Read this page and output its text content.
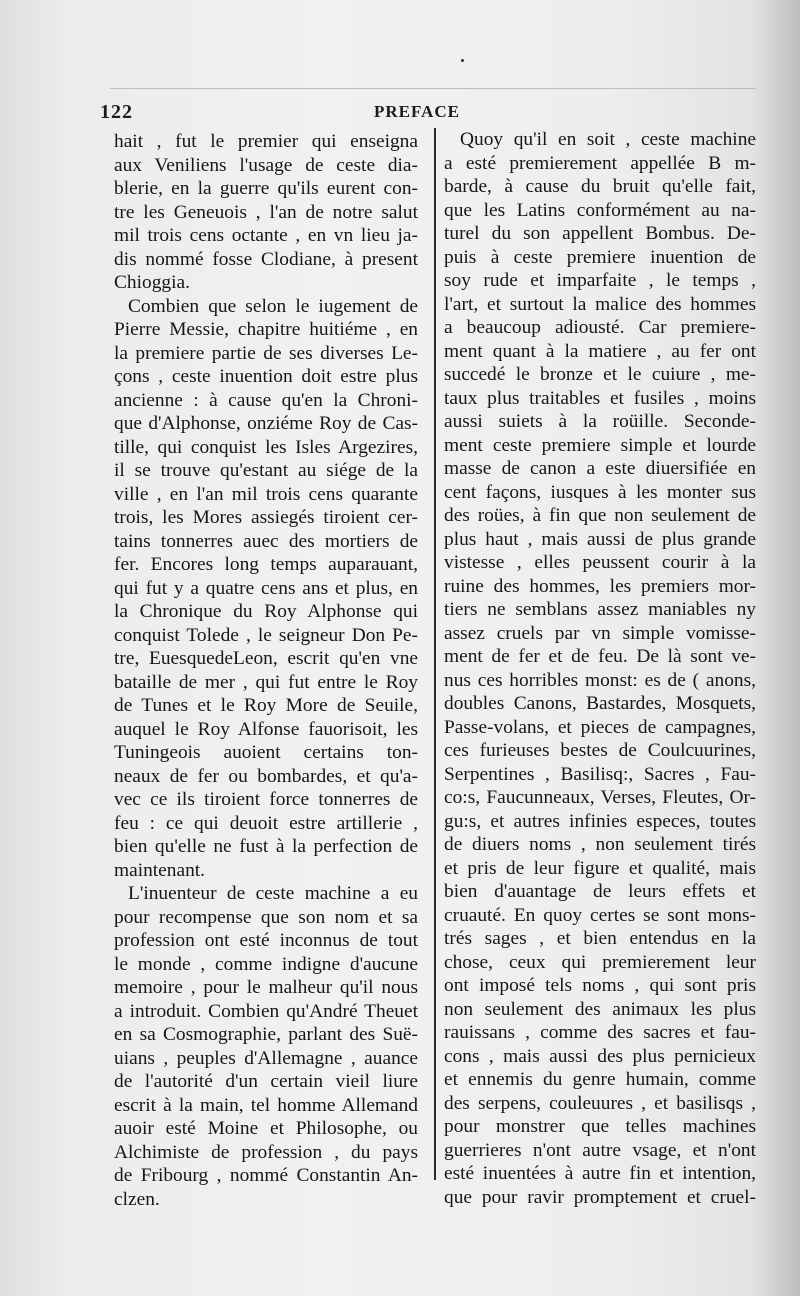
122	PREFACE
hait , fut le premier qui enseigna
aux Veniliens l'usage de ceste dia-
blerie, en la guerre qu'ils eurent con-
tre les Geneuois , l'an de notre salut
mil trois cens octante , en vn lieu ja-
dis nommé fosse Clodiane, à present
Chioggia.
Combien que selon le iugement de
Pierre Messie, chapitre huitiéme , en
la premiere partie de ses diverses Le-
çons , ceste inuention doit estre plus
ancienne : à cause qu'en la Chroni-
que d'Alphonse, onziéme Roy de Cas-
tille, qui conquist les Isles Argezires,
il se trouve qu'estant au siége de la
ville , en l'an mil trois cens quarante
trois, les Mores assiegés tiroient cer-
tains tonnerres auec des mortiers de
fer. Encores long temps auparauant,
qui fut y a quatre cens ans et plus, en
la Chronique du Roy Alphonse qui
conquist Tolede , le seigneur Don Pe-
tre, EuesquedeLeon, escrit qu'en vne
bataille de mer , qui fut entre le Roy
de Tunes et le Roy More de Seuile,
auquel le Roy Alfonse fauorisoit, les
Tuningeois auoient certains ton-
neaux de fer ou bombardes, et qu'a-
vec ce ils tiroient force tonnerres de
feu : ce qui deuoit estre artillerie ,
bien qu'elle ne fust à la perfection de
maintenant.
L'inuenteur de ceste machine a eu
pour recompense que son nom et sa
profession ont esté inconnus de tout
le monde , comme indigne d'aucune
memoire , pour le malheur qu'il nous
a introduit. Combien qu'André Theuet
en sa Cosmographie, parlant des Suë-
uians , peuples d'Allemagne , auance
de l'autorité d'un certain vieil liure
escrit à la main, tel homme Allemand
auoir esté Moine et Philosophe, ou
Alchimiste de profession , du pays
de Fribourg , nommé Constantin An-
clzen.
Quoy qu'il en soit , ceste machine
a esté premierement appellée B m-
barde, à cause du bruit qu'elle fait,
que les Latins conformément au na-
turel du son appellent Bombus. De-
puis à ceste premiere inuention de
soy rude et imparfaite , le temps ,
l'art, et surtout la malice des hommes
a beaucoup adiousté. Car premiere-
ment quant à la matiere , au fer ont
succedé le bronze et le cuiure , me-
taux plus traitables et fusiles , moins
aussi suiets à la roüille. Seconde-
ment ceste premiere simple et lourde
masse de canon a este diuersifiée en
cent façons, iusques à les monter sus
des roües, à fin que non seulement de
plus haut , mais aussi de plus grande
vistesse , elles peussent courir à la
ruine des hommes, les premiers mor-
tiers ne semblans assez maniables ny
assez cruels par vn simple vomisse-
ment de fer et de feu. De là sont ve-
nus ces horribles monst: es de ( anons,
doubles Canons, Bastardes, Mosquets,
Passe-volans, et pieces de campagnes,
ces furieuses bestes de Coulcuurines,
Serpentines , Basilisq:, Sacres , Fau-
co:s, Faucunneaux, Verses, Fleutes, Or-
gu:s, et autres infinies especes, toutes
de diuers noms , non seulement tirés
et pris de leur figure et qualité, mais
bien d'auantage de leurs effets et
cruauté. En quoy certes se sont mons-
trés sages , et bien entendus en la
chose, ceux qui premierement leur
ont imposé tels noms , qui sont pris
non seulement des animaux les plus
rauissans , comme des sacres et fau-
cons , mais aussi des plus pernicieux
et ennemis du genre humain, comme
des serpens, couleuures , et basilisqs ,
pour monstrer que telles machines
guerrieres n'ont autre vsage, et n'ont
esté inuentées à autre fin et intention,
que pour ravir promptement et cruel-
